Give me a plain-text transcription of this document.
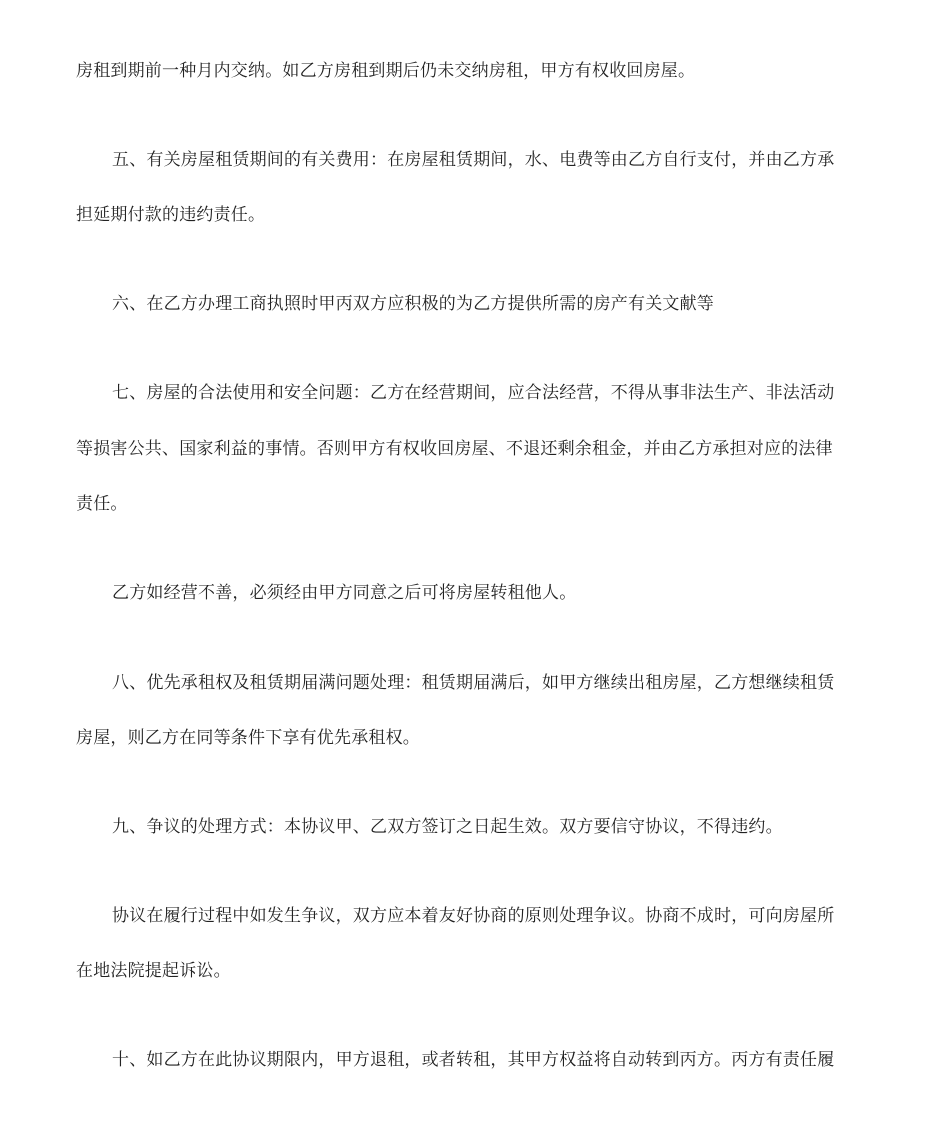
房租到期前一种月内交纳。如乙方房租到期后仍未交纳房租，甲方有权收回房屋。
五、有关房屋租赁期间的有关费用：在房屋租赁期间，水、电费等由乙方自行支付，并由乙方承
担延期付款的违约责任。
六、在乙方办理工商执照时甲丙双方应积极的为乙方提供所需的房产有关文献等
七、房屋的合法使用和安全问题：乙方在经营期间，应合法经营，不得从事非法生产、非法活动
等损害公共、国家利益的事情。否则甲方有权收回房屋、不退还剩余租金，并由乙方承担对应的法律
责任。
乙方如经营不善，必须经由甲方同意之后可将房屋转租他人。
八、优先承租权及租赁期届满问题处理：租赁期届满后，如甲方继续出租房屋，乙方想继续租赁
房屋，则乙方在同等条件下享有优先承租权。
九、争议的处理方式：本协议甲、乙双方签订之日起生效。双方要信守协议，不得违约。
协议在履行过程中如发生争议，双方应本着友好协商的原则处理争议。协商不成时，可向房屋所
在地法院提起诉讼。
十、如乙方在此协议期限内，甲方退租，或者转租，其甲方权益将自动转到丙方。丙方有责任履
